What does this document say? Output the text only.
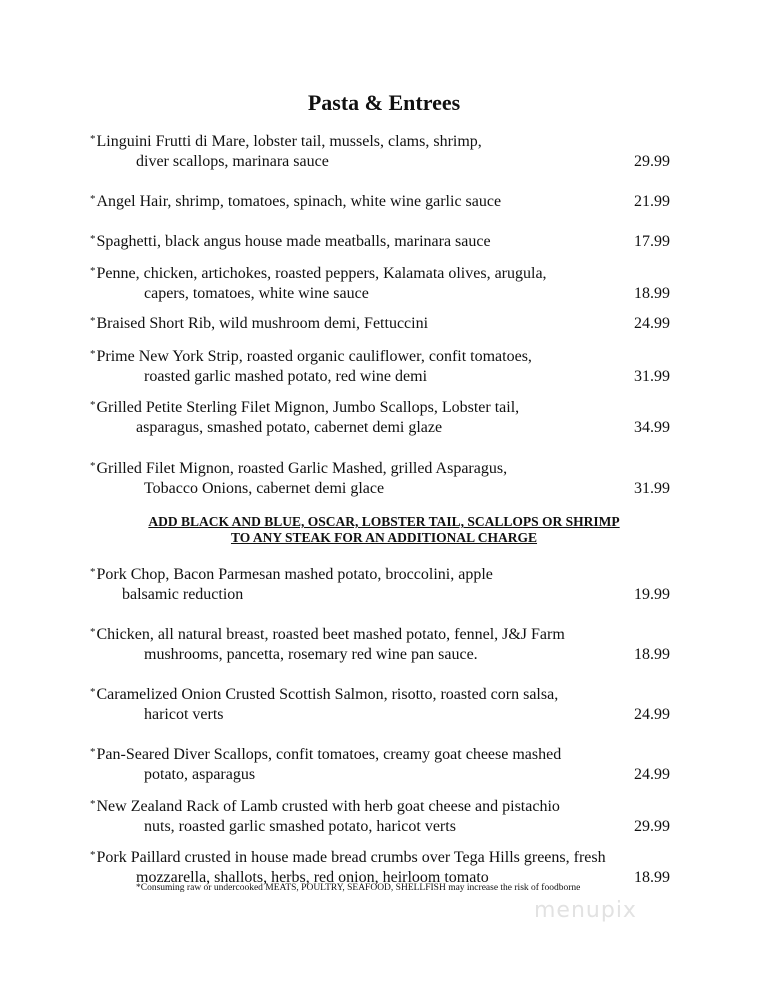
Pasta & Entrees
*Linguini Frutti di Mare, lobster tail, mussels, clams, shrimp,
diver scallops, marinara sauce	29.99
*Angel Hair, shrimp, tomatoes, spinach, white wine garlic sauce	21.99
*Spaghetti, black angus house made meatballs, marinara sauce	17.99
*Penne, chicken, artichokes, roasted peppers, Kalamata olives, arugula,
capers, tomatoes, white wine sauce	18.99
*Braised Short Rib, wild mushroom demi, Fettuccini	24.99
*Prime New York Strip, roasted organic cauliflower, confit tomatoes,
roasted garlic mashed potato, red wine demi	31.99
*Grilled Petite Sterling Filet Mignon, Jumbo Scallops, Lobster tail,
asparagus, smashed potato, cabernet demi glaze	34.99
*Grilled Filet Mignon, roasted Garlic Mashed, grilled Asparagus,
Tobacco Onions, cabernet demi glace	31.99
ADD BLACK AND BLUE, OSCAR, LOBSTER TAIL, SCALLOPS OR SHRIMP
TO ANY STEAK FOR AN ADDITIONAL CHARGE
*Pork Chop, Bacon Parmesan mashed potato, broccolini, apple
balsamic reduction	19.99
*Chicken, all natural breast, roasted beet mashed potato, fennel, J&J Farm
mushrooms, pancetta, rosemary red wine pan sauce.	18.99
*Caramelized Onion Crusted Scottish Salmon, risotto, roasted corn salsa,
haricot verts	24.99
*Pan-Seared Diver Scallops, confit tomatoes, creamy goat cheese mashed
potato, asparagus	24.99
*New Zealand Rack of Lamb crusted with herb goat cheese and pistachio
nuts, roasted garlic smashed potato, haricot verts	29.99
*Pork Paillard crusted in house made bread crumbs over Tega Hills greens, fresh
mozzarella, shallots, herbs, red onion, heirloom tomato	18.99
*Consuming raw or undercooked MEATS, POULTRY, SEAFOOD, SHELLFISH may increase the risk of foodborne
menupix
